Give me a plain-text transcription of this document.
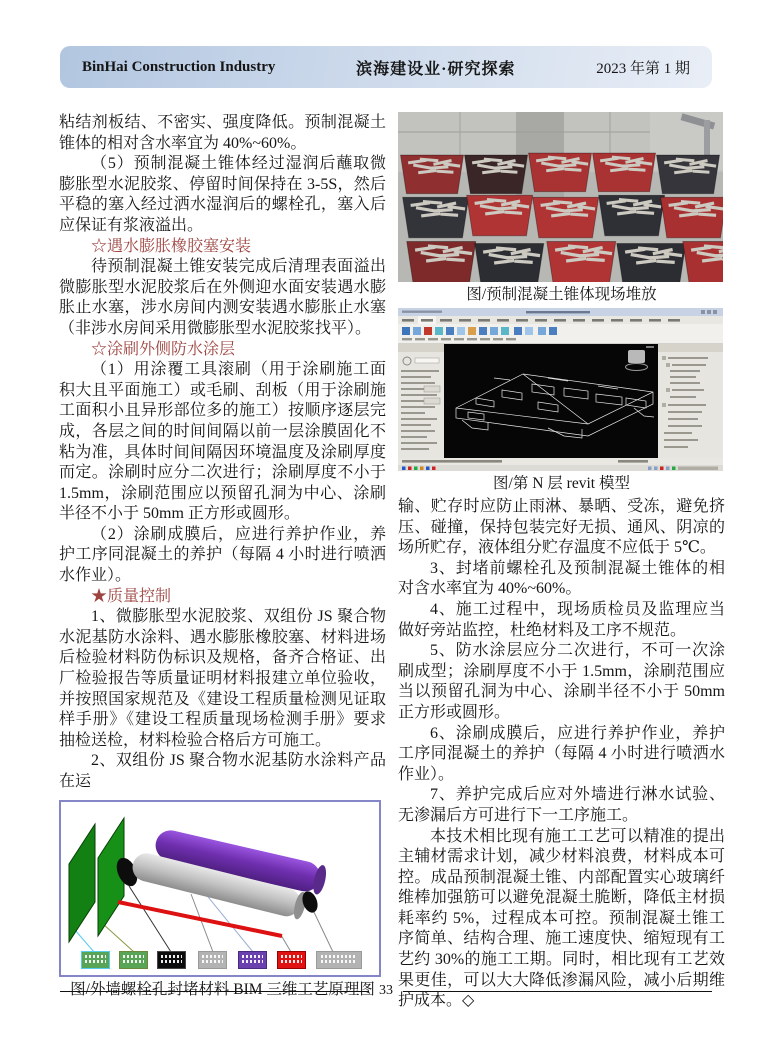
BinHai Construction Industry	滨海建设业·研究探索	2023 年第 1 期

粘结剂板结、不密实、强度降低。预制混凝土锥体的相对含水率宜为 40%~60%。

（5）预制混凝土锥体经过湿润后蘸取微膨胀型水泥胶浆、停留时间保持在 3-5S，然后平稳的塞入经过洒水湿润后的螺栓孔，塞入后应保证有浆液溢出。

☆遇水膨胀橡胶塞安装

待预制混凝土锥安装完成后清理表面溢出微膨胀型水泥胶浆后在外侧迎水面安装遇水膨胀止水塞，涉水房间内测安装遇水膨胀止水塞（非涉水房间采用微膨胀型水泥胶浆找平）。

☆涂刷外侧防水涂层

（1）用涂覆工具滚刷（用于涂刷施工面积大且平面施工）或毛刷、刮板（用于涂刷施工面积小且异形部位多的施工）按顺序逐层完成，各层之间的时间间隔以前一层涂膜固化不粘为准，具体时间间隔因环境温度及涂刷厚度而定。涂刷时应分二次进行；涂刷厚度不小于 1.5mm，涂刷范围应以预留孔洞为中心、涂刷半径不小于 50mm 正方形或圆形。

（2）涂刷成膜后，应进行养护作业，养护工序同混凝土的养护（每隔 4 小时进行喷洒水作业）。

★质量控制

1、微膨胀型水泥胶浆、双组份 JS 聚合物水泥基防水涂料、遇水膨胀橡胶塞、材料进场后检验材料防伪标识及规格，备齐合格证、出厂检验报告等质量证明材料报建立单位验收，并按照国家规范及《建设工程质量检测见证取样手册》《建设工程质量现场检测手册》要求抽检送检，材料检验合格后方可施工。

2、双组份 JS 聚合物水泥基防水涂料产品在运

图/外墙螺栓孔封堵材料 BIM 三维工艺原理图

图/预制混凝土锥体现场堆放

图/第 N 层 revit 模型

输、贮存时应防止雨淋、暴晒、受冻，避免挤压、碰撞，保持包装完好无损、通风、阴凉的场所贮存，液体组分贮存温度不应低于 5℃。

3、封堵前螺栓孔及预制混凝土锥体的相对含水率宜为 40%~60%。

4、施工过程中，现场质检员及监理应当做好旁站监控，杜绝材料及工序不规范。

5、防水涂层应分二次进行，不可一次涂刷成型；涂刷厚度不小于 1.5mm，涂刷范围应当以预留孔洞为中心、涂刷半径不小于 50mm 正方形或圆形。

6、涂刷成膜后，应进行养护作业，养护工序同混凝土的养护（每隔 4 小时进行喷洒水作业）。

7、养护完成后应对外墙进行淋水试验、无渗漏后方可进行下一工序施工。

本技术相比现有施工工艺可以精准的提出主辅材需求计划，减少材料浪费，材料成本可控。成品预制混凝土锥、内部配置实心玻璃纤维棒加强筋可以避免混凝土脆断，降低主材损耗率约 5%，过程成本可控。预制混凝土锥工序简单、结构合理、施工速度快、缩短现有工艺约 30%的施工工期。同时，相比现有工艺效果更佳，可以大大降低渗漏风险，减小后期维护成本。◇

33
